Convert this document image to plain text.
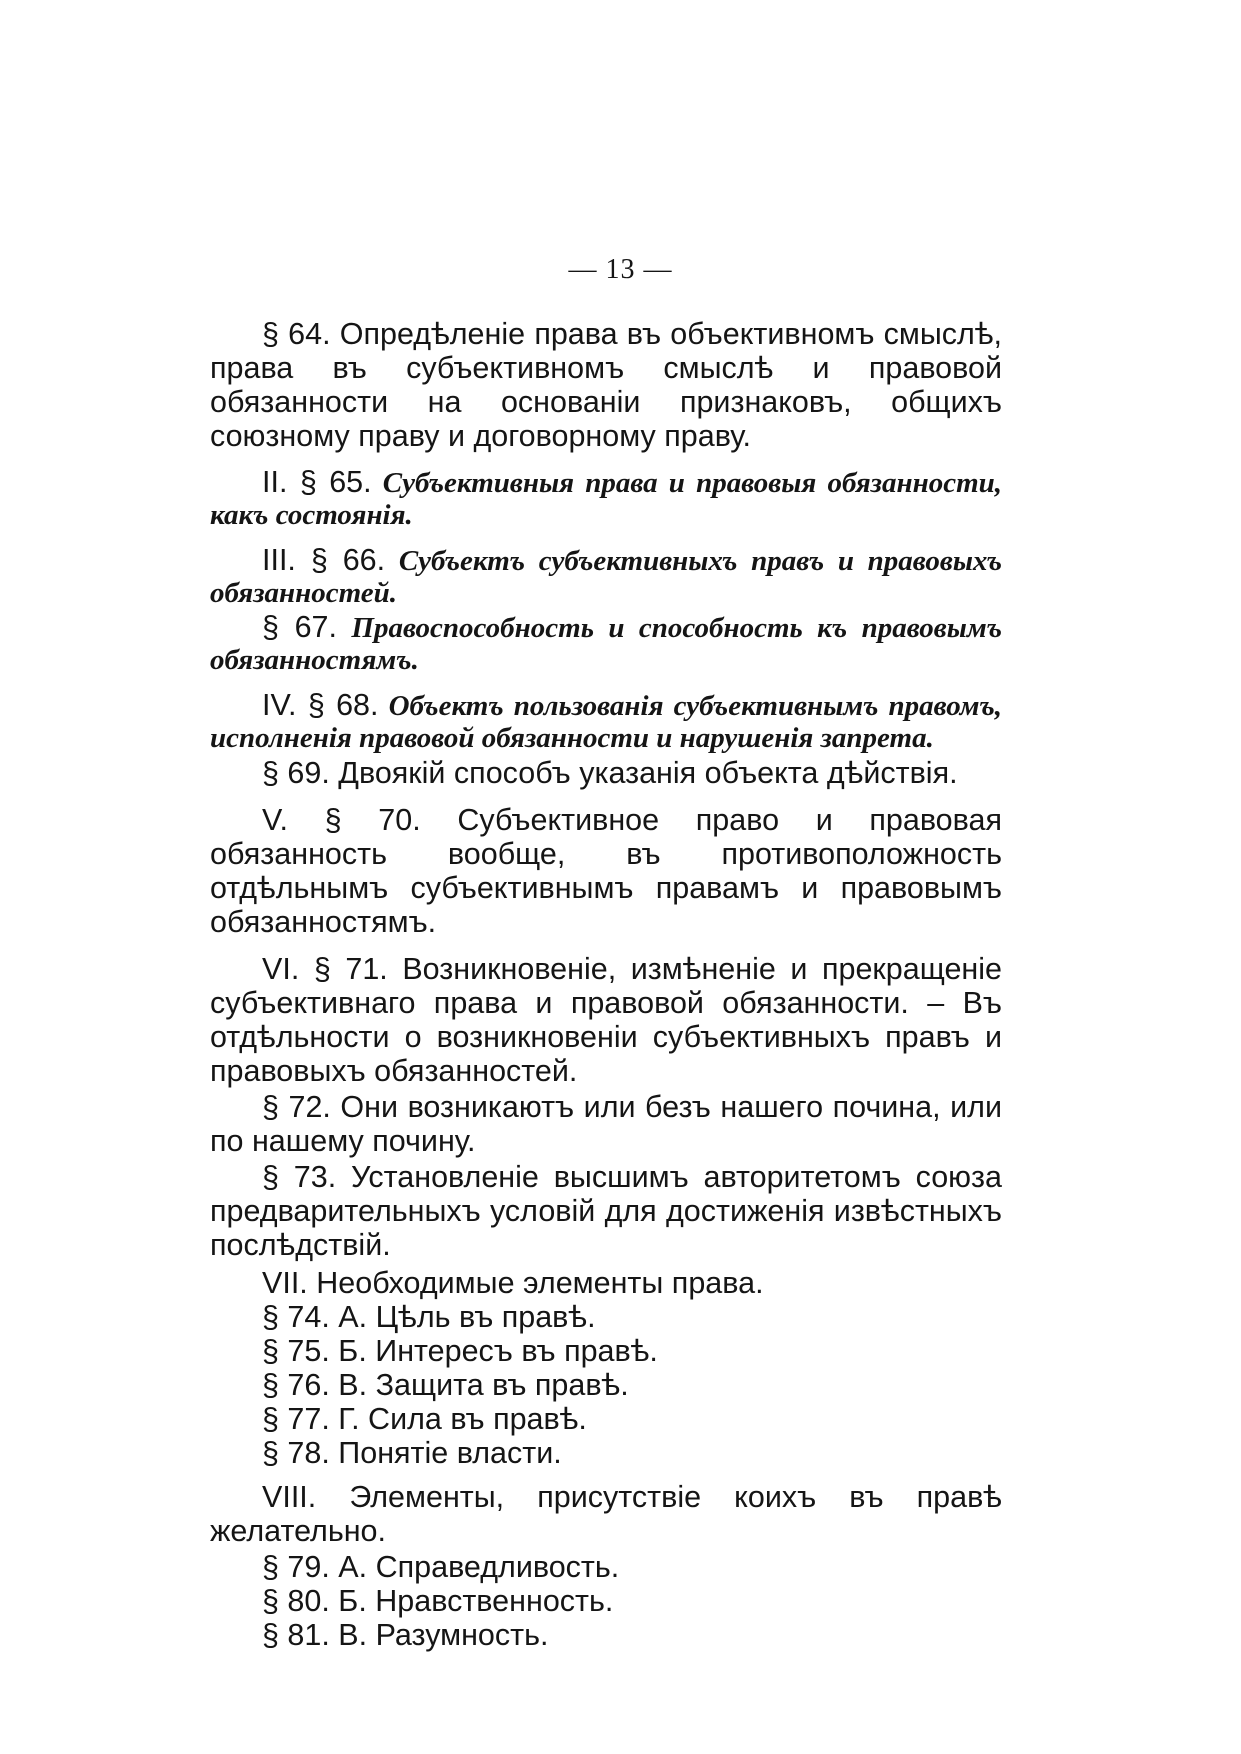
— 13 —

§ 64. Опредѣленіе права въ объективномъ смыслѣ, права въ субъективномъ смыслѣ и правовой обязанности на основаніи признаковъ, общихъ союзному праву и договорному праву.

II. § 65. Субъективныя права и правовыя обязанности, какъ состоянія.

III. § 66. Субъектъ субъективныхъ правъ и правовыхъ обязанностей.

§ 67. Правоспособность и способность къ правовымъ обязанностямъ.

IV. § 68. Объектъ пользованія субъективнымъ правомъ, исполненія правовой обязанности и нарушенія запрета.

§ 69. Двоякій способъ указанія объекта дѣйствія.

V. § 70. Субъективное право и правовая обязанность вообще, въ противоположность отдѣльнымъ субъективнымъ правамъ и правовымъ обязанностямъ.

VI. § 71. Возникновеніе, измѣненіе и прекращеніе субъективнаго права и правовой обязанности. – Въ отдѣльности о возникновеніи субъективныхъ правъ и правовыхъ обязанностей.

§ 72. Они возникаютъ или безъ нашего почина, или по нашему почину.

§ 73. Установленіе высшимъ авторитетомъ союза предварительныхъ условій для достиженія извѣстныхъ послѣдствій.

VII. Необходимые элементы права.

§ 74. А. Цѣль въ правѣ.

§ 75. Б. Интересъ въ правѣ.

§ 76. В. Защита въ правѣ.

§ 77. Г. Сила въ правѣ.

§ 78. Понятіе власти.

VIII. Элементы, присутствіе коихъ въ правѣ желательно.

§ 79. А. Справедливость.

§ 80. Б. Нравственность.

§ 81. В. Разумность.
